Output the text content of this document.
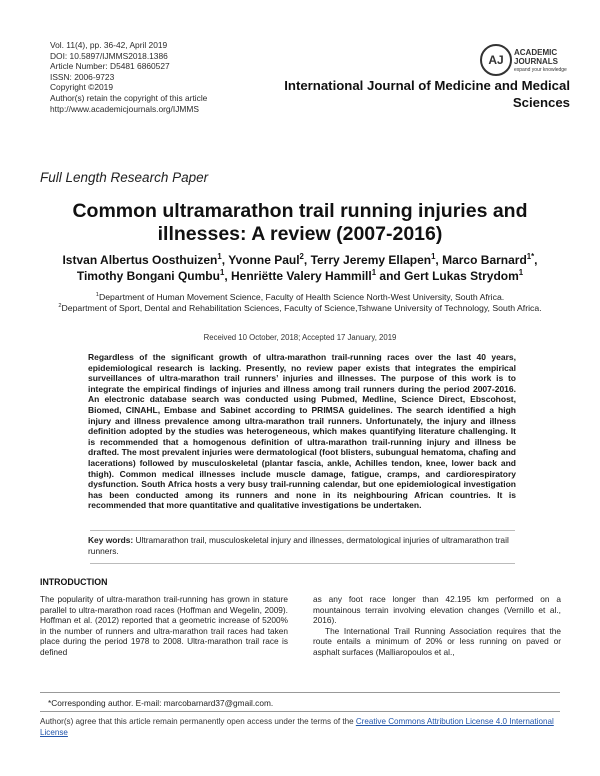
Vol. 11(4), pp. 36-42, April 2019
DOI: 10.5897/IJMMS2018.1386
Article Number: D5481 6860527
ISSN: 2006-9723
Copyright ©2019
Author(s) retain the copyright of this article
http://www.academicjournals.org/IJMMS
AJ
ACADEMIC
JOURNALS
expand your knowledge
International Journal of Medicine and Medical Sciences
Full Length Research Paper
Common ultramarathon trail running injuries and illnesses: A review (2007-2016)
Istvan Albertus Oosthuizen$^1$, Yvonne Paul$^2$, Terry Jeremy Ellapen$^1$, Marco Barnard$^{1*}$, Timothy Bongani Qumbu$^1$, Henriëtte Valery Hammill$^1$ and Gert Lukas Strydom$^1$
$^1$Department of Human Movement Science, Faculty of Health Science North-West University, South Africa.
$^2$Department of Sport, Dental and Rehabilitation Sciences, Faculty of Science,Tshwane University of Technology, South Africa.
Received 10 October, 2018; Accepted 17 January, 2019
Regardless of the significant growth of ultra-marathon trail-running races over the last 40 years, epidemiological research is lacking. Presently, no review paper exists that integrates the empirical surveillances of ultra-marathon trail runners’ injuries and illnesses. The purpose of this work is to integrate the empirical findings of injuries and illness among trail runners during the period 2007-2016. An electronic database search was conducted using Pubmed, Medline, Science Direct, Ebscohost, Biomed, CINAHL, Embase and Sabinet according to PRIMSA guidelines. The search identified a high injury and illness prevalence among ultra-marathon trail runners. Unfortunately, the injury and illness definition adopted by the studies was heterogeneous, which makes quantifying literature challenging. It is recommended that a homogenous definition of ultra-marathon trail-running injury and illness be drafted. The most prevalent injuries were dermatological (foot blisters, subungual hematoma, chafing and lacerations) followed by musculoskeletal (plantar fascia, ankle, Achilles tendon, knee, lower back and thigh). Common medical illnesses include muscle damage, fatigue, cramps, and cardiorespiratory dysfunction. South Africa hosts a very busy trail-running calendar, but one epidemiological investigation has been conducted among its runners and none in its neighbouring African countries. It is recommended that more quantitative and qualitative investigations be undertaken.
Key words: Ultramarathon trail, musculoskeletal injury and illnesses, dermatological injuries of ultramarathon trail runners.
INTRODUCTION
The popularity of ultra-marathon trail-running has grown in stature parallel to ultra-marathon road races (Hoffman and Wegelin, 2009). Hoffman et al. (2012) reported that a geometric increase of 5200% in the number of runners and ultra-marathon trail races had taken place during the period 1978 to 2008. Ultra-marathon trail race is defined
as any foot race longer than 42.195 km performed on a mountainous terrain involving elevation changes (Vernillo et al., 2016).
The International Trail Running Association requires that the route entails a minimum of 20% or less running on paved or asphalt surfaces (Malliaropoulos et al.,
*Corresponding author. E-mail: marcobarnard37@gmail.com.
Author(s) agree that this article remain permanently open access under the terms of the Creative Commons Attribution License 4.0 International License
